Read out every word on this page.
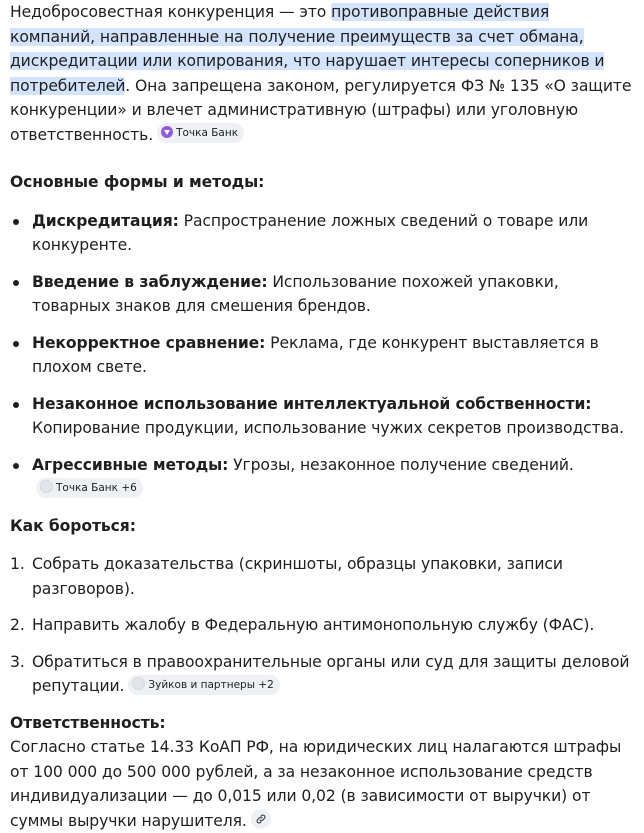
Недобросовестная конкуренция — это противоправные действия компаний, направленные на получение преимуществ за счет обмана, дискредитации или копирования, что нарушает интересы соперников и потребителей. Она запрещена законом, регулируется ФЗ № 135 «О защите конкуренции» и влечет административную (штрафы) или уголовную ответственность. Точка Банк

Основные формы и методы:

Дискредитация: Распространение ложных сведений о товаре или конкуренте.
Введение в заблуждение: Использование похожей упаковки, товарных знаков для смешения брендов.
Некорректное сравнение: Реклама, где конкурент выставляется в плохом свете.
Незаконное использование интеллектуальной собственности: Копирование продукции, использование чужих секретов производства.
Агрессивные методы: Угрозы, незаконное получение сведений.Точка Банк +6

Как бороться:

1. Собрать доказательства (скриншоты, образцы упаковки, записи разговоров).
2. Направить жалобу в Федеральную антимонопольную службу (ФАС).
3. Обратиться в правоохранительные органы или суд для защиты деловой репутации. Зуйков и партнеры +2

Ответственность:

Согласно статье 14.33 КоАП РФ, на юридических лиц налагаются штрафы от 100 000 до 500 000 рублей, а за незаконное использование средств индивидуализации — до 0,015 или 0,02 (в зависимости от выручки) от суммы выручки нарушителя.
